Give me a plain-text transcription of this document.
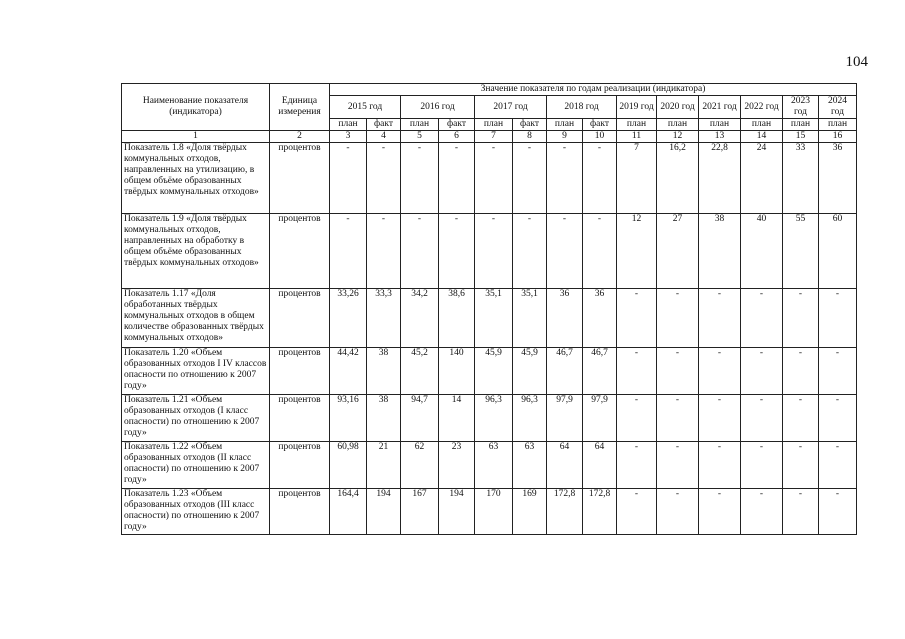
104
Наименование показателя (индикатора)	Единица измерения	Значение показателя по годам реализации (индикатора)													
		2015 год		2016 год		2017 год		2018 год		2019 год	2020 год	2021 год	2022 год	2023 год	2024 год
		план	факт	план	факт	план	факт	план	факт	план	план	план	план	план	план
1	2	3	4	5	6	7	8	9	10	11	12	13	14	15	16
Показатель 1.8 «Доля твёрдых коммунальных отходов, направленных на утилизацию, в общем объёме образованных твёрдых коммунальных отходов»	процентов	-	-	-	-	-	-	-	-	7	16,2	22,8	24	33	36
Показатель 1.9 «Доля твёрдых коммунальных отходов, направленных на обработку в общем объёме образованных твёрдых коммунальных отходов»	процентов	-	-	-	-	-	-	-	-	12	27	38	40	55	60
Показатель 1.17 «Доля обработанных твёрдых коммунальных отходов в общем количестве образованных твёрдых коммунальных отходов»	процентов	33,26	33,3	34,2	38,6	35,1	35,1	36	36	-	-	-	-	-	-
Показатель 1.20 «Объем образованных отходов I IV классов опасности по отношению к 2007 году»	процентов	44,42	38	45,2	140	45,9	45,9	46,7	46,7	-	-	-	-	-	-
Показатель 1.21 «Объем образованных отходов (I класс опасности) по отношению к 2007 году»	процентов	93,16	38	94,7	14	96,3	96,3	97,9	97,9	-	-	-	-	-	-
Показатель 1.22 «Объем образованных отходов (II класс опасности) по отношению к 2007 году»	процентов	60,98	21	62	23	63	63	64	64	-	-	-	-	-	-
Показатель 1.23 «Объем образованных отходов (III класс опасности) по отношению к 2007 году»	процентов	164,4	194	167	194	170	169	172,8	172,8	-	-	-	-	-	-
